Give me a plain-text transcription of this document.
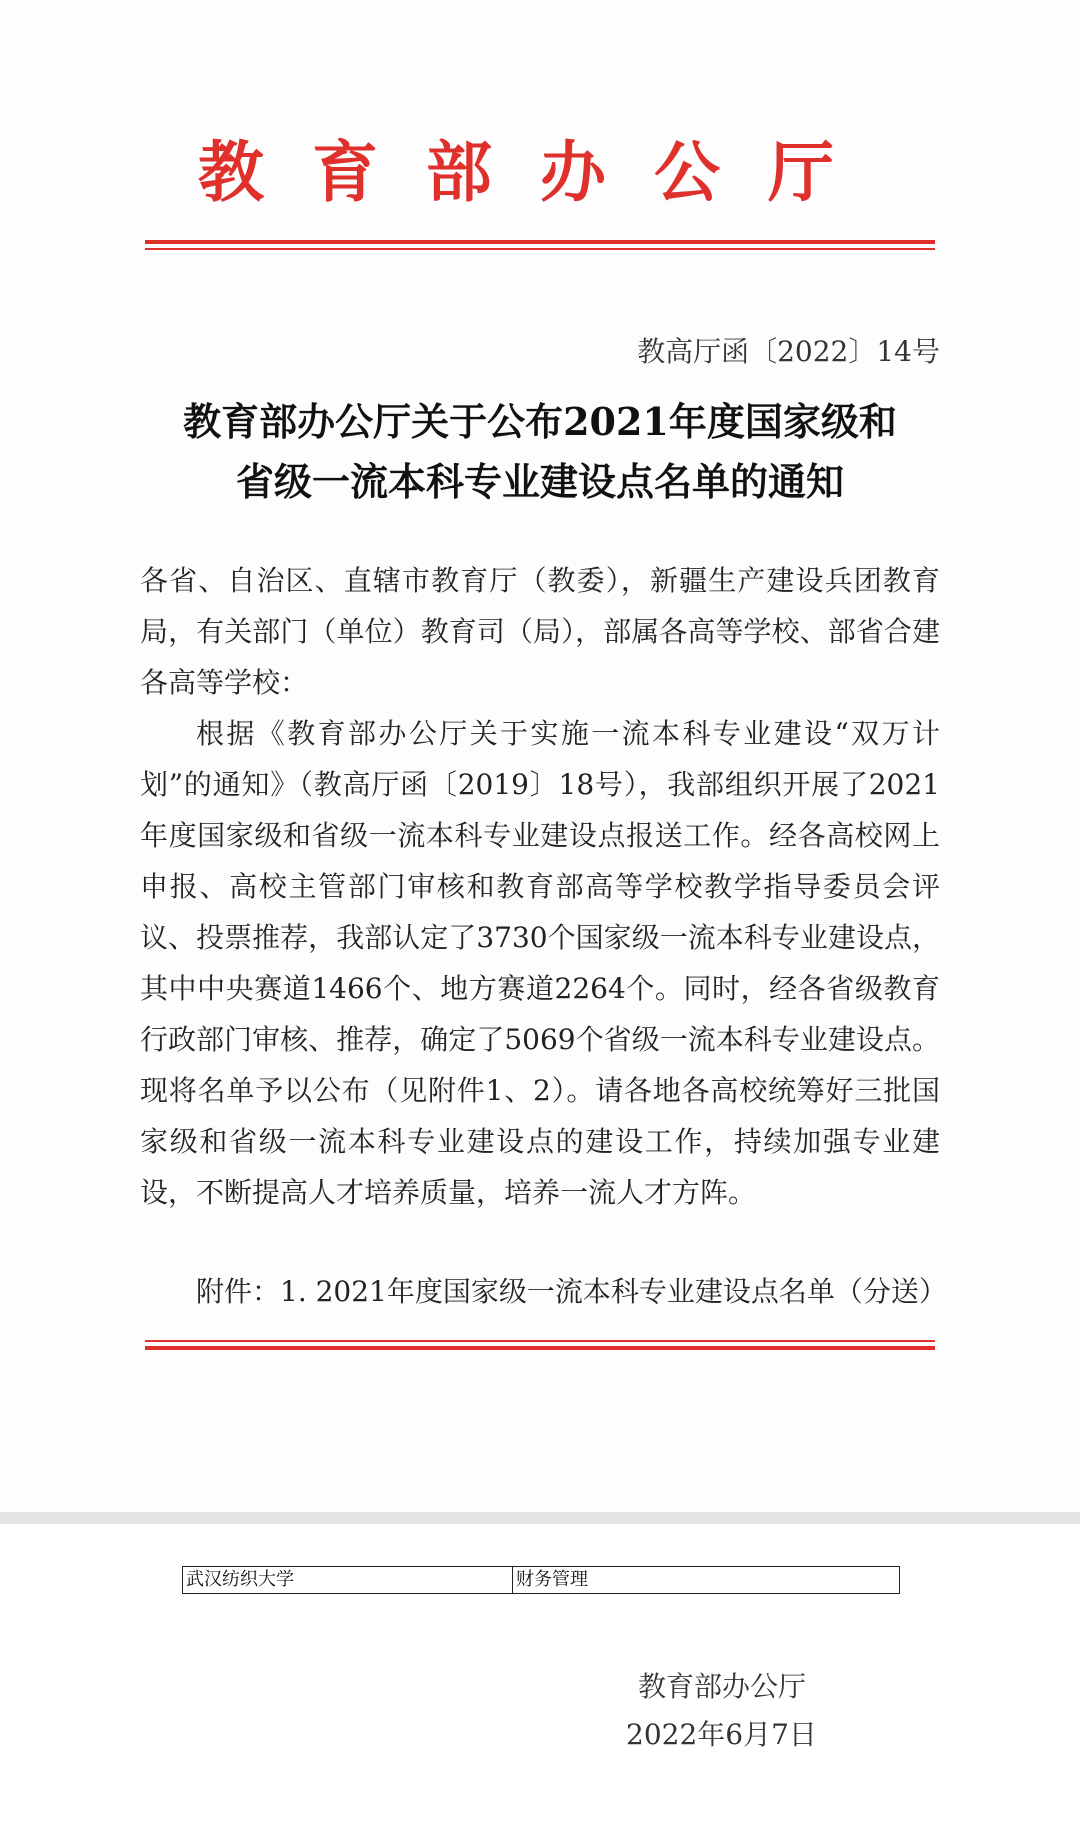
教育部办公厅
教高厅函〔2022〕14号
教育部办公厅关于公布2021年度国家级和
省级一流本科专业建设点名单的通知

各省、自治区、直辖市教育厅（教委），新疆生产建设兵团教育局，有关部门（单位）教育司（局），部属各高等学校、部省合建各高等学校：

根据《教育部办公厅关于实施一流本科专业建设“双万计划”的通知》（教高厅函〔2019〕18号），我部组织开展了2021年度国家级和省级一流本科专业建设点报送工作。经各高校网上申报、高校主管部门审核和教育部高等学校教学指导委员会评议、投票推荐，我部认定了3730个国家级一流本科专业建设点，其中中央赛道1466个、地方赛道2264个。同时，经各省级教育行政部门审核、推荐，确定了5069个省级一流本科专业建设点。现将名单予以公布（见附件1、2）。请各地各高校统筹好三批国家级和省级一流本科专业建设点的建设工作，持续加强专业建设，不断提高人才培养质量，培养一流人才方阵。

附件：1. 2021年度国家级一流本科专业建设点名单（分送）
武汉纺织大学	财务管理
教育部办公厅
2022年6月7日
